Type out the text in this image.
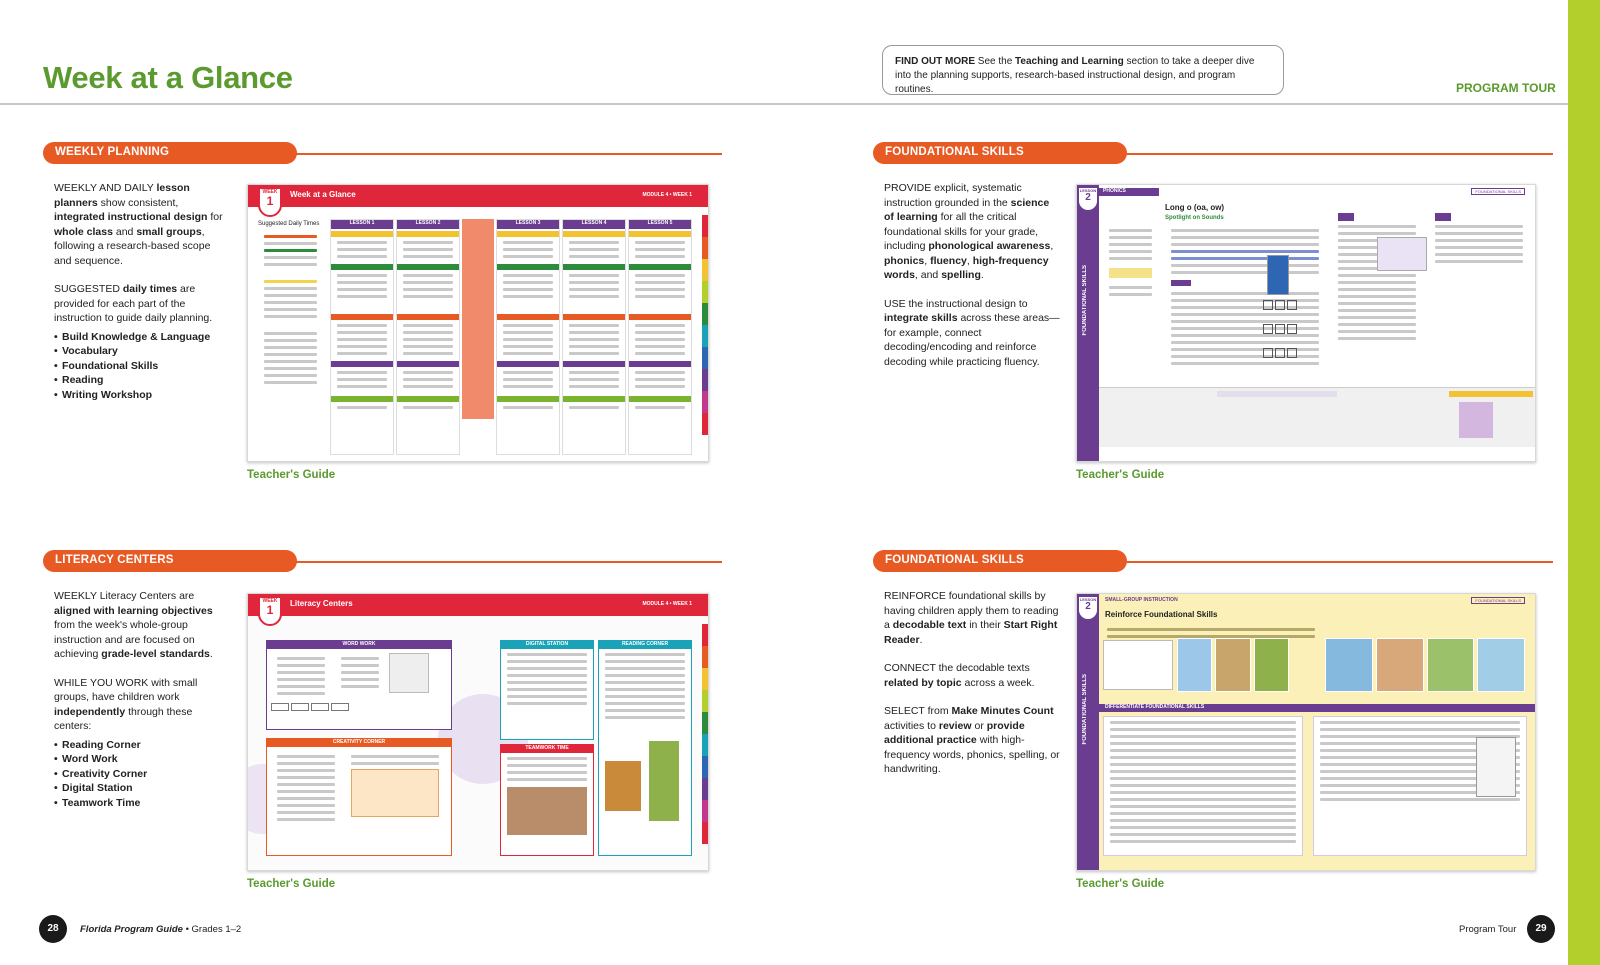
Week at a Glance	FIND OUT MORE See the Teaching and Learning section to take a deeper dive into the planning supports, research-based instructional design, and program routines.	PROGRAM TOUR
WEEKLY PLANNING

WEEKLY AND DAILY lesson planners show consistent, integrated instructional design for whole class and small groups, following a research-based scope and sequence.

SUGGESTED daily times are provided for each part of the instruction to guide daily planning.

• Build Knowledge & Language
• Vocabulary
• Foundational Skills
• Reading
• Writing Workshop
WEEK
1	Week at a Glance	MODULE 4 • WEEK 1
Suggested Daily Times	LESSON 1	LESSON 2	LESSON 3	LESSON 4	LESSON 5
Teacher's Guide
FOUNDATIONAL SKILLS

PROVIDE explicit, systematic instruction grounded in the science of learning for all the critical foundational skills for your grade, including phonological awareness, phonics, fluency, high-frequency words, and spelling.

USE the instructional design to integrate skills across these areas—for example, connect decoding/encoding and reinforce decoding while practicing fluency.

FOUNDATIONAL SKILLS
LESSON
2
PHONICS	FOUNDATIONAL SKILLS
Long o (oa, ow)
Spotlight on Sounds
Teacher's Guide
LITERACY CENTERS

WEEKLY Literacy Centers are aligned with learning objectives from the week's whole-group instruction and are focused on achieving grade-level standards.

WHILE YOU WORK with small groups, have children work independently through these centers:

• Reading Corner
• Word Work
• Creativity Corner
• Digital Station
• Teamwork Time
WEEK
1	Literacy Centers	MODULE 4 • WEEK 1
WORD WORK
CREATIVITY CORNER
DIGITAL STATION	READING CORNER
TEAMWORK TIME
Teacher's Guide
FOUNDATIONAL SKILLS

REINFORCE foundational skills by having children apply them to reading a decodable text in their Start Right Reader.

CONNECT the decodable texts related by topic across a week.

SELECT from Make Minutes Count activities to review or provide additional practice with high-frequency words, phonics, spelling, or handwriting.

FOUNDATIONAL SKILLS
LESSON
2
SMALL-GROUP INSTRUCTION	FOUNDATIONAL SKILLS
Reinforce Foundational Skills
DIFFERENTIATE FOUNDATIONAL SKILLS
Teacher's Guide
28	Florida Program Guide • Grades 1–2	Program Tour	29
